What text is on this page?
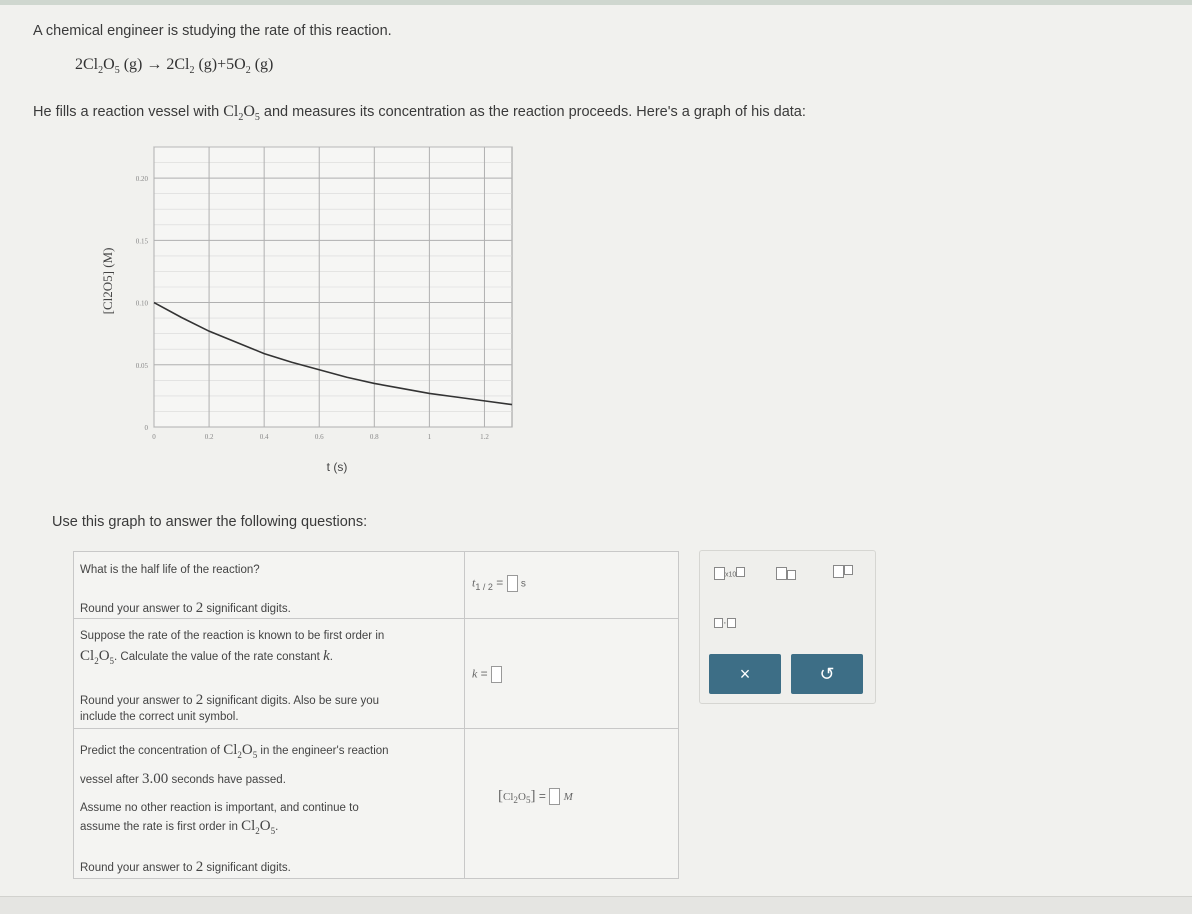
A chemical engineer is studying the rate of this reaction.
$2Cl_2O_5$ $(g) \to 2Cl_2$ $(g)+5O_2$ (g)
He fills a reaction vessel with $Cl_2O_5$ and measures its concentration as the reaction proceeds. Here's a graph of his data:
0
0.05
0.10
0.15
0.20
0	0.2	0.4	0.6	0.8	1	1.2
t (s)
[Cl2O5] (M)
Use this graph to answer the following questions:
What is the half life of the reaction?
Round your answer to 2 significant digits.
$t_{1 / 2} = s$
Suppose the rate of the reaction is known to be first order in
$Cl_2O_5$. Calculate the value of the rate constant k.
Round your answer to 2 significant digits. Also be sure you
include the correct unit symbol.
k =
Predict the concentration of $Cl_2O_5$ in the engineer's reaction
vessel after 3.00 seconds have passed.
Assume no other reaction is important, and continue to
assume the rate is first order in $Cl_2O_5$.
Round your answer to 2 significant digits.
$[Cl_2O_5] = M$
x10
·
×	↺
